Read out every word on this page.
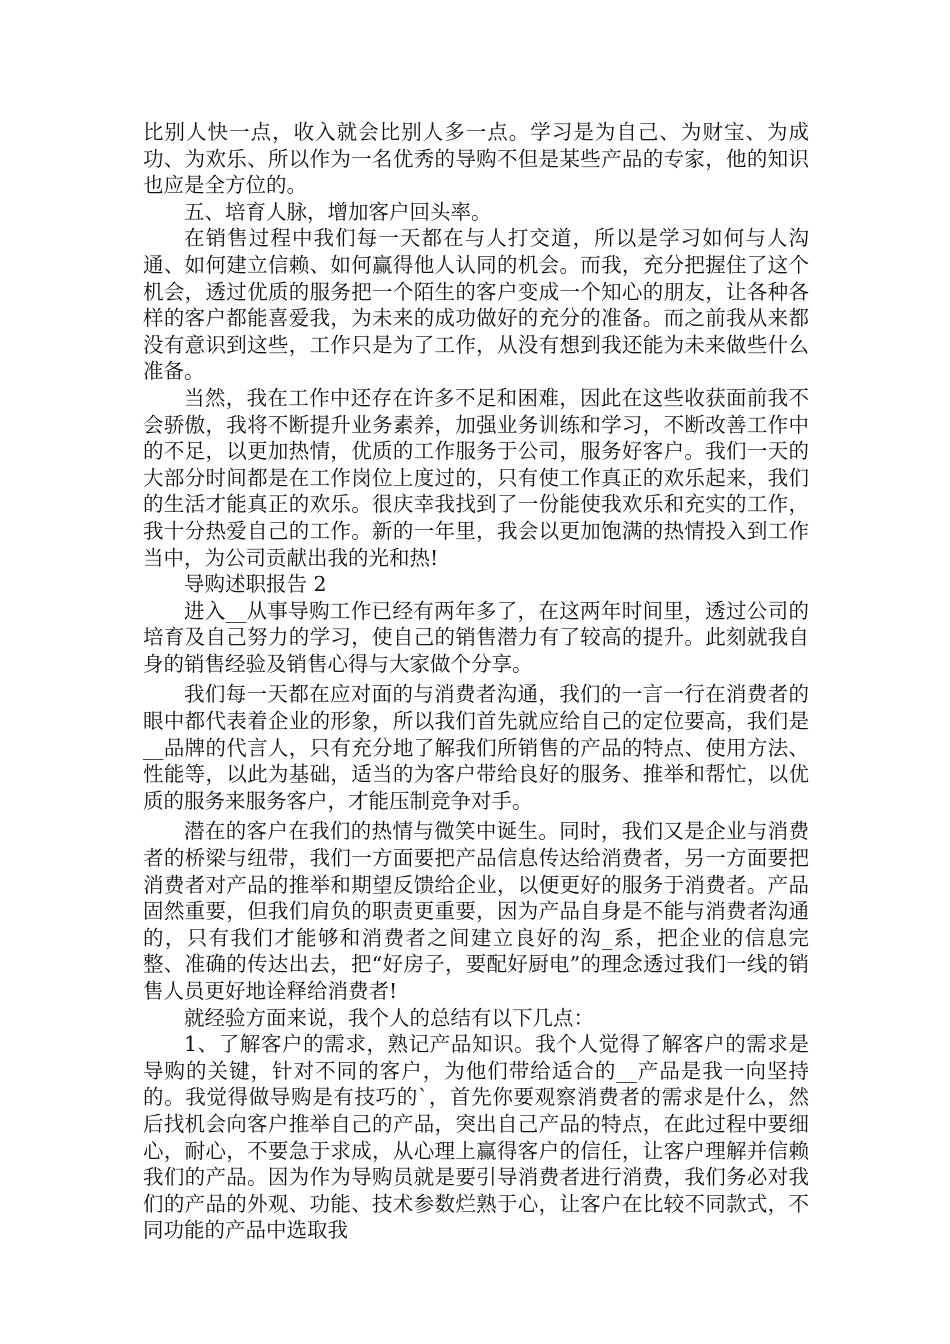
比别人快一点，收入就会比别人多一点。学习是为自己、为财宝、为成功、为欢乐、所以作为一名优秀的导购不但是某些产品的专家，他的知识也应是全方位的。

五、培育人脉，增加客户回头率。

在销售过程中我们每一天都在与人打交道，所以是学习如何与人沟通、如何建立信赖、如何赢得他人认同的机会。而我，充分把握住了这个机会，透过优质的服务把一个陌生的客户变成一个知心的朋友，让各种各样的客户都能喜爱我，为未来的成功做好的充分的准备。而之前我从来都没有意识到这些，工作只是为了工作，从没有想到我还能为未来做些什么准备。

当然，我在工作中还存在许多不足和困难，因此在这些收获面前我不会骄傲，我将不断提升业务素养，加强业务训练和学习，不断改善工作中的不足，以更加热情，优质的工作服务于公司，服务好客户。我们一天的大部分时间都是在工作岗位上度过的，只有使工作真正的欢乐起来，我们的生活才能真正的欢乐。很庆幸我找到了一份能使我欢乐和充实的工作，我十分热爱自己的工作。新的一年里，我会以更加饱满的热情投入到工作当中，为公司贡献出我的光和热!

导购述职报告 2

进入__从事导购工作已经有两年多了，在这两年时间里，透过公司的培育及自己努力的学习，使自己的销售潜力有了较高的提升。此刻就我自身的销售经验及销售心得与大家做个分享。

我们每一天都在应对面的与消费者沟通，我们的一言一行在消费者的眼中都代表着企业的形象，所以我们首先就应给自己的定位要高，我们是__品牌的代言人，只有充分地了解我们所销售的产品的特点、使用方法、性能等，以此为基础，适当的为客户带给良好的服务、推举和帮忙，以优质的服务来服务客户，才能压制竞争对手。

潜在的客户在我们的热情与微笑中诞生。同时，我们又是企业与消费者的桥梁与纽带，我们一方面要把产品信息传达给消费者，另一方面要把消费者对产品的推举和期望反馈给企业，以便更好的服务于消费者。产品固然重要，但我们肩负的职责更重要，因为产品自身是不能与消费者沟通的，只有我们才能够和消费者之间建立良好的沟_系，把企业的信息完整、准确的传达出去，把“好房子，要配好厨电”的理念透过我们一线的销售人员更好地诠释给消费者!

就经验方面来说，我个人的总结有以下几点：

1、了解客户的需求，熟记产品知识。我个人觉得了解客户的需求是导购的关键，针对不同的客户，为他们带给适合的__产品是我一向坚持的。我觉得做导购是有技巧的`，首先你要观察消费者的需求是什么，然后找机会向客户推举自己的产品，突出自己产品的特点，在此过程中要细心，耐心，不要急于求成，从心理上赢得客户的信任，让客户理解并信赖我们的产品。因为作为导购员就是要引导消费者进行消费，我们务必对我们的产品的外观、功能、技术参数烂熟于心，让客户在比较不同款式，不同功能的产品中选取我
